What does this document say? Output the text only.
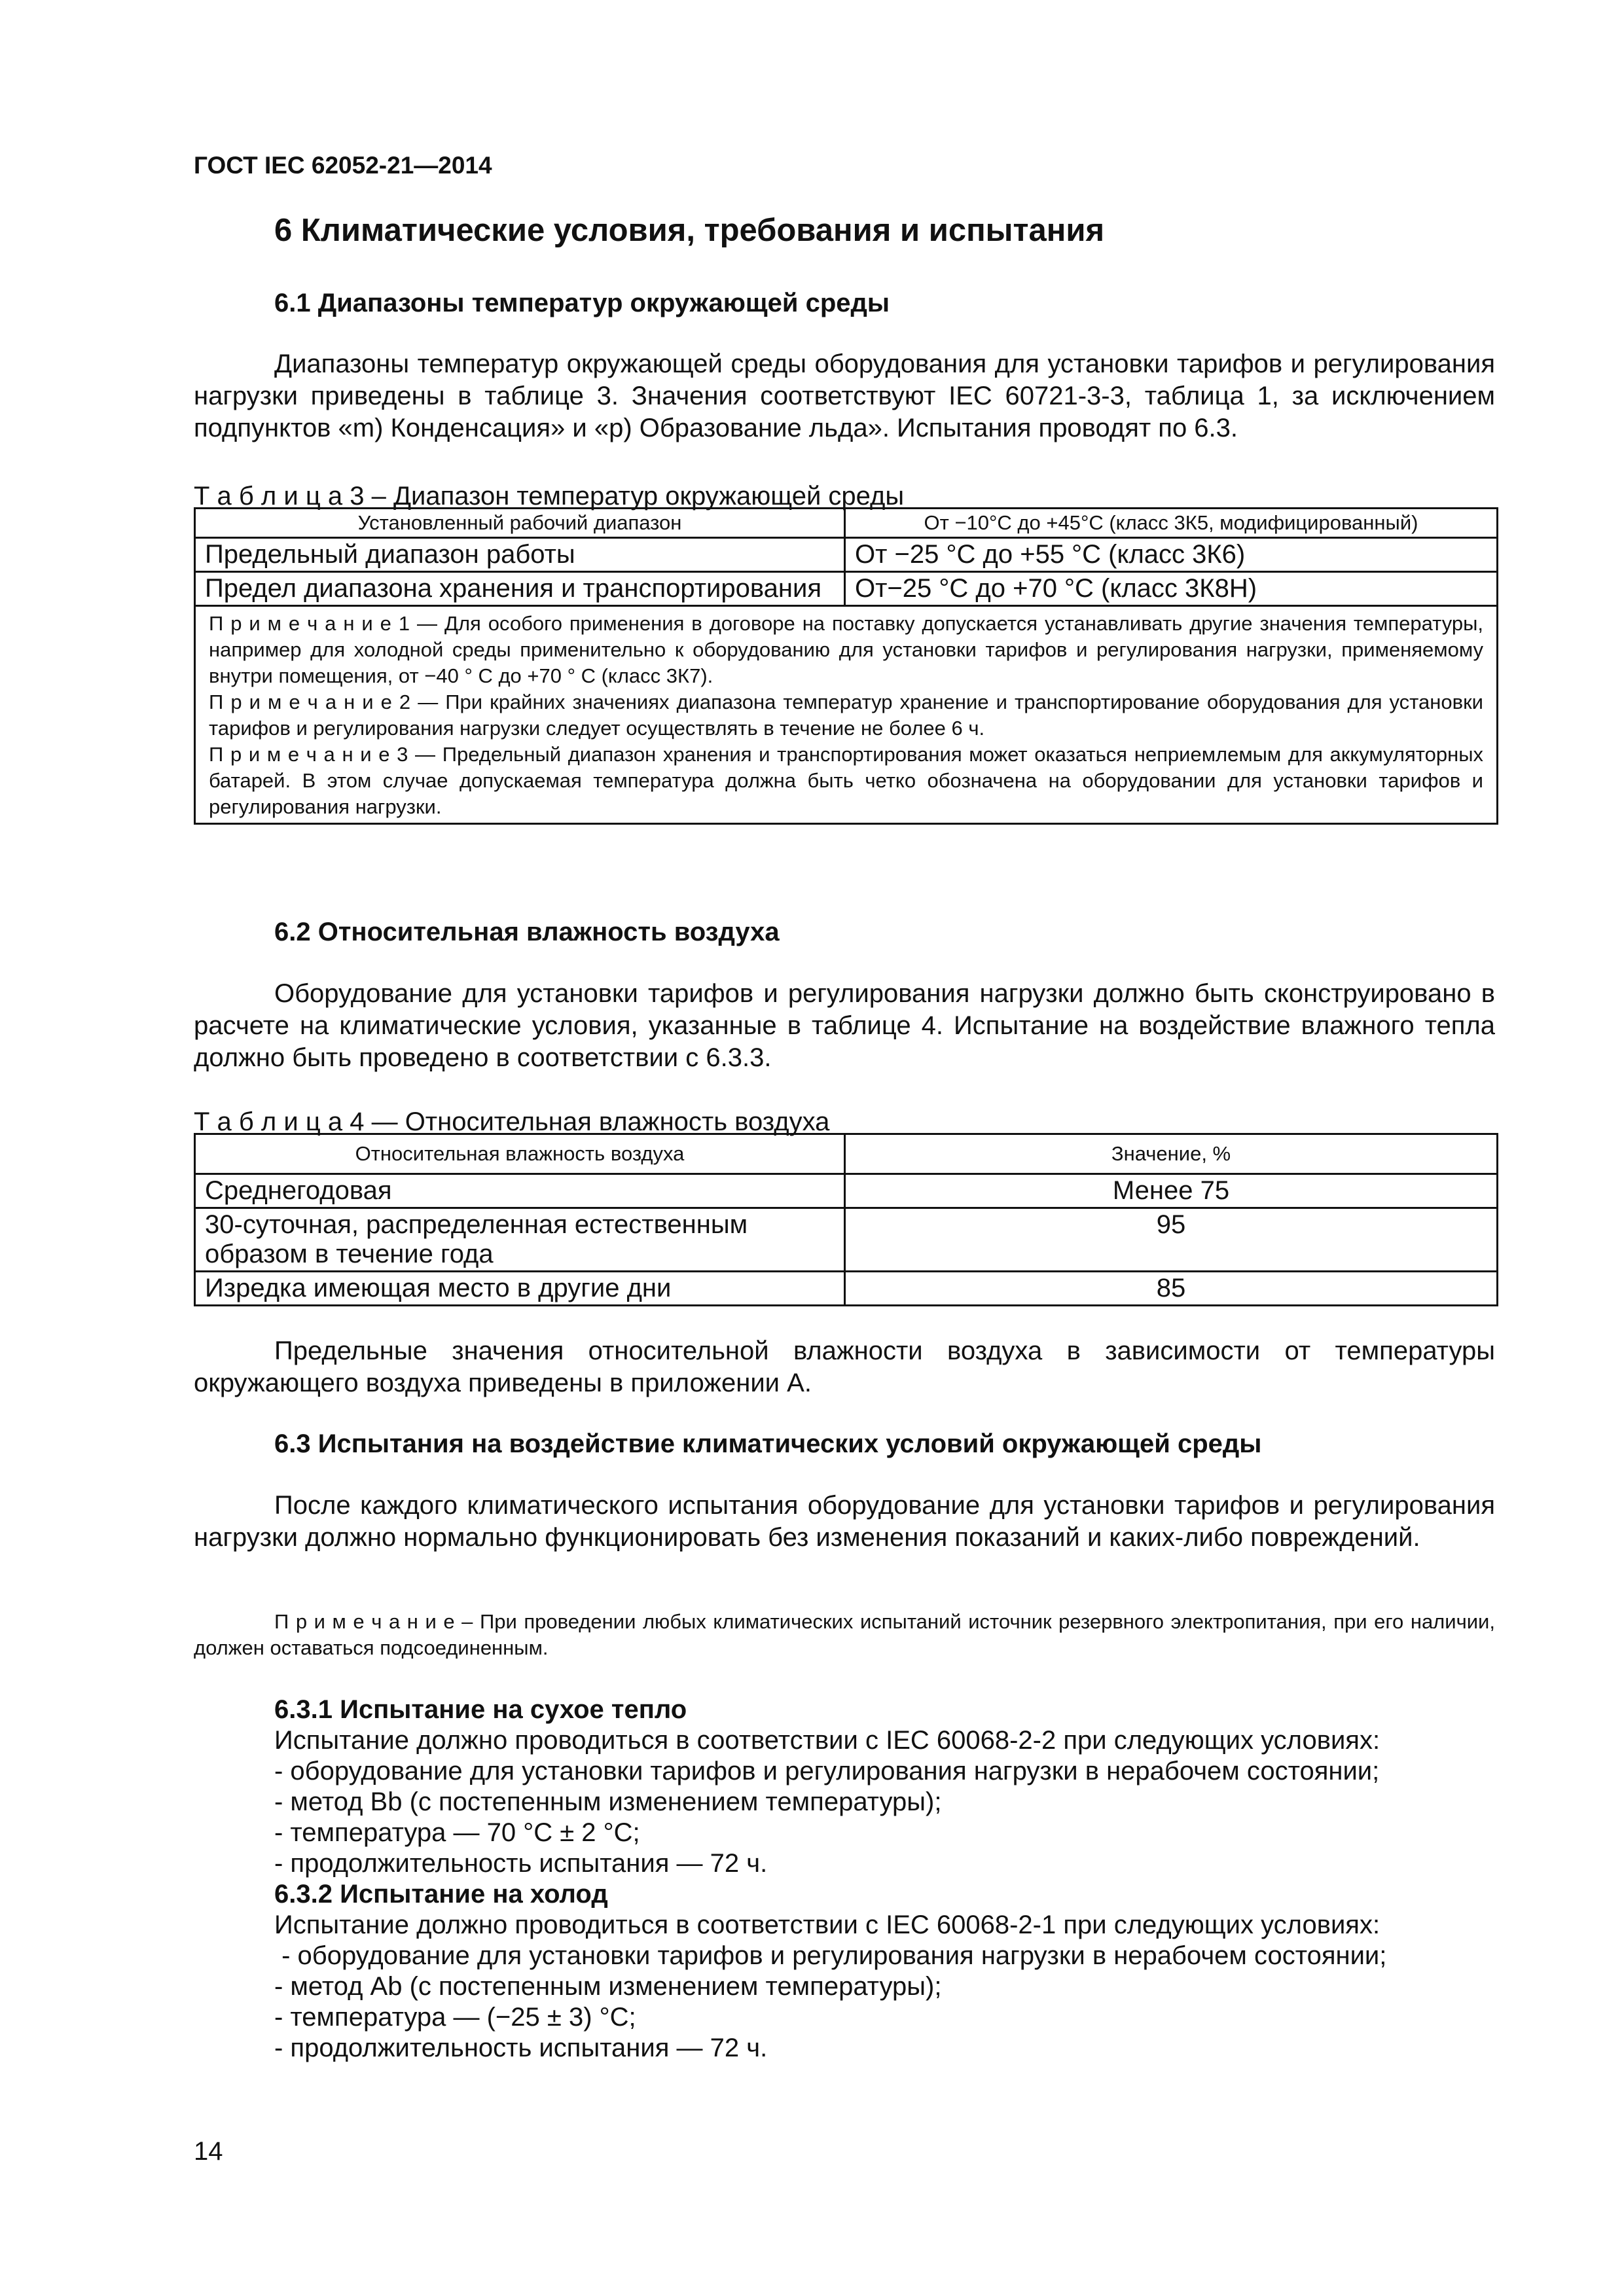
ГОСТ IEC 62052-21—2014
6 Климатические условия, требования и испытания
6.1 Диапазоны температур окружающей среды

Диапазоны температур окружающей среды оборудования для установки тарифов и регулирования нагрузки приведены в таблице 3. Значения соответствуют IEC 60721-3-3, таблица 1, за исключением подпунктов «m) Конденсация» и «р) Образование льда». Испытания проводят по 6.3.

Т а б л и ц а 3 – Диапазон температур окружающей среды
Установленный рабочий диапазон	От −10°С до +45°С (класс 3К5, модифицированный)
Предельный диапазон работы	От −25 °С до +55 °С (класс 3К6)
Предел диапазона хранения и транспортирования	От−25 °С до +70 °С (класс 3К8Н)

П р и м е ч а н и е 1 — Для особого применения в договоре на поставку допускается устанавливать другие значения температуры, например для холодной среды применительно к оборудованию для установки тарифов и регулирования нагрузки, применяемому внутри помещения, от −40 ° С до +70 ° С (класс 3К7).
П р и м е ч а н и е 2 — При крайних значениях диапазона температур хранение и транспортирование оборудования для установки тарифов и регулирования нагрузки следует осуществлять в течение не более 6 ч.
П р и м е ч а н и е 3 — Предельный диапазон хранения и транспортирования может оказаться неприемлемым для аккумуляторных батарей. В этом случае допускаемая температура должна быть четко обозначена на оборудовании для установки тарифов и регулирования нагрузки.	
6.2 Относительная влажность воздуха

Оборудование для установки тарифов и регулирования нагрузки должно быть сконструировано в расчете на климатические условия, указанные в таблице 4. Испытание на воздействие влажного тепла должно быть проведено в соответствии с 6.3.3.

Т а б л и ц а 4 — Относительная влажность воздуха
Относительная влажность воздуха	Значение, %
Среднегодовая	Менее 75
30-суточная, распределенная естественным образом в течение года	95
Изредка имеющая место в другие дни	85

Предельные значения относительной влажности воздуха в зависимости от температуры окружающего воздуха приведены в приложении А.

6.3 Испытания на воздействие климатических условий окружающей среды

После каждого климатического испытания оборудование для установки тарифов и регулирования нагрузки должно нормально функционировать без изменения показаний и каких-либо повреждений.

П р и м е ч а н и е – При проведении любых климатических испытаний источник резервного электропитания, при его наличии, должен оставаться подсоединенным.

6.3.1 Испытание на сухое тепло
Испытание должно проводиться в соответствии с IEC 60068-2-2 при следующих условиях:
- оборудование для установки тарифов и регулирования нагрузки в нерабочем состоянии;
- метод Bb (с постепенным изменением температуры);
- температура — 70 °С ± 2 °С;
- продолжительность испытания — 72 ч.
6.3.2 Испытание на холод
Испытание должно проводиться в соответствии с IEC 60068-2-1 при следующих условиях:
- оборудование для установки тарифов и регулирования нагрузки в нерабочем состоянии;
- метод Ab (с постепенным изменением температуры);
- температура — (−25 ± 3) °С;
- продолжительность испытания — 72 ч.
14
